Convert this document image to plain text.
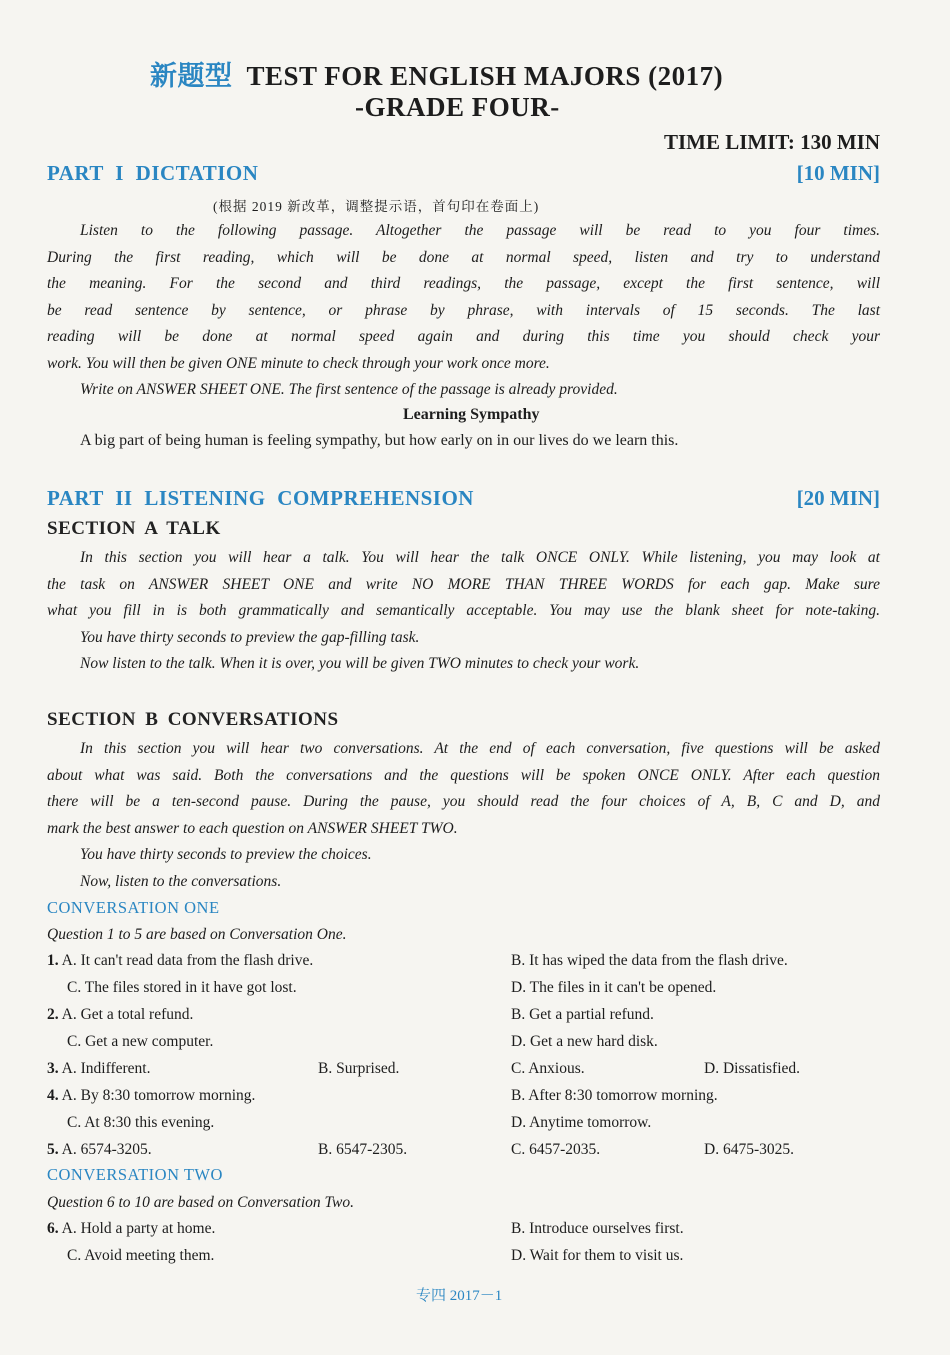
新题型 TEST FOR ENGLISH MAJORS (2017)
-GRADE FOUR-
TIME LIMIT: 130 MIN
PART I DICTATION	[10 MIN]
(根据 2019 新改革，调整提示语，首句印在卷面上)

Listen to the following passage. Altogether the passage will be read to you four times.

During the first reading, which will be done at normal speed, listen and try to understand

the meaning. For the second and third readings, the passage, except the first sentence, will

be read sentence by sentence, or phrase by phrase, with intervals of 15 seconds. The last

reading will be done at normal speed again and during this time you should check your

work. You will then be given ONE minute to check through your work once more.

Write on ANSWER SHEET ONE. The first sentence of the passage is already provided.

Learning Sympathy
A big part of being human is feeling sympathy, but how early on in our lives do we learn this.
PART II LISTENING COMPREHENSION	[20 MIN]
SECTION A TALK

In this section you will hear a talk. You will hear the talk ONCE ONLY. While listening, you may look at

the task on ANSWER SHEET ONE and write NO MORE THAN THREE WORDS for each gap. Make sure

what you fill in is both grammatically and semantically acceptable. You may use the blank sheet for note-taking.

You have thirty seconds to preview the gap-filling task.

Now listen to the talk. When it is over, you will be given TWO minutes to check your work.

SECTION B CONVERSATIONS

In this section you will hear two conversations. At the end of each conversation, five questions will be asked

about what was said. Both the conversations and the questions will be spoken ONCE ONLY. After each question

there will be a ten-second pause. During the pause, you should read the four choices of A, B, C and D, and

mark the best answer to each question on ANSWER SHEET TWO.

You have thirty seconds to preview the choices.

Now, listen to the conversations.

CONVERSATION ONE
Question 1 to 5 are based on Conversation One.
1. A. It can't read data from the flash drive.	B. It has wiped the data from the flash drive.
C. The files stored in it have got lost.	D. The files in it can't be opened.
2. A. Get a total refund.	B. Get a partial refund.
C. Get a new computer.	D. Get a new hard disk.
3. A. Indifferent.	B. Surprised.	C. Anxious.	D. Dissatisfied.
4. A. By 8:30 tomorrow morning.	B. After 8:30 tomorrow morning.
C. At 8:30 this evening.	D. Anytime tomorrow.
5. A. 6574-3205.	B. 6547-2305.	C. 6457-2035.	D. 6475-3025.
CONVERSATION TWO
Question 6 to 10 are based on Conversation Two.
6. A. Hold a party at home.	B. Introduce ourselves first.
C. Avoid meeting them.	D. Wait for them to visit us.
专四 2017－1
